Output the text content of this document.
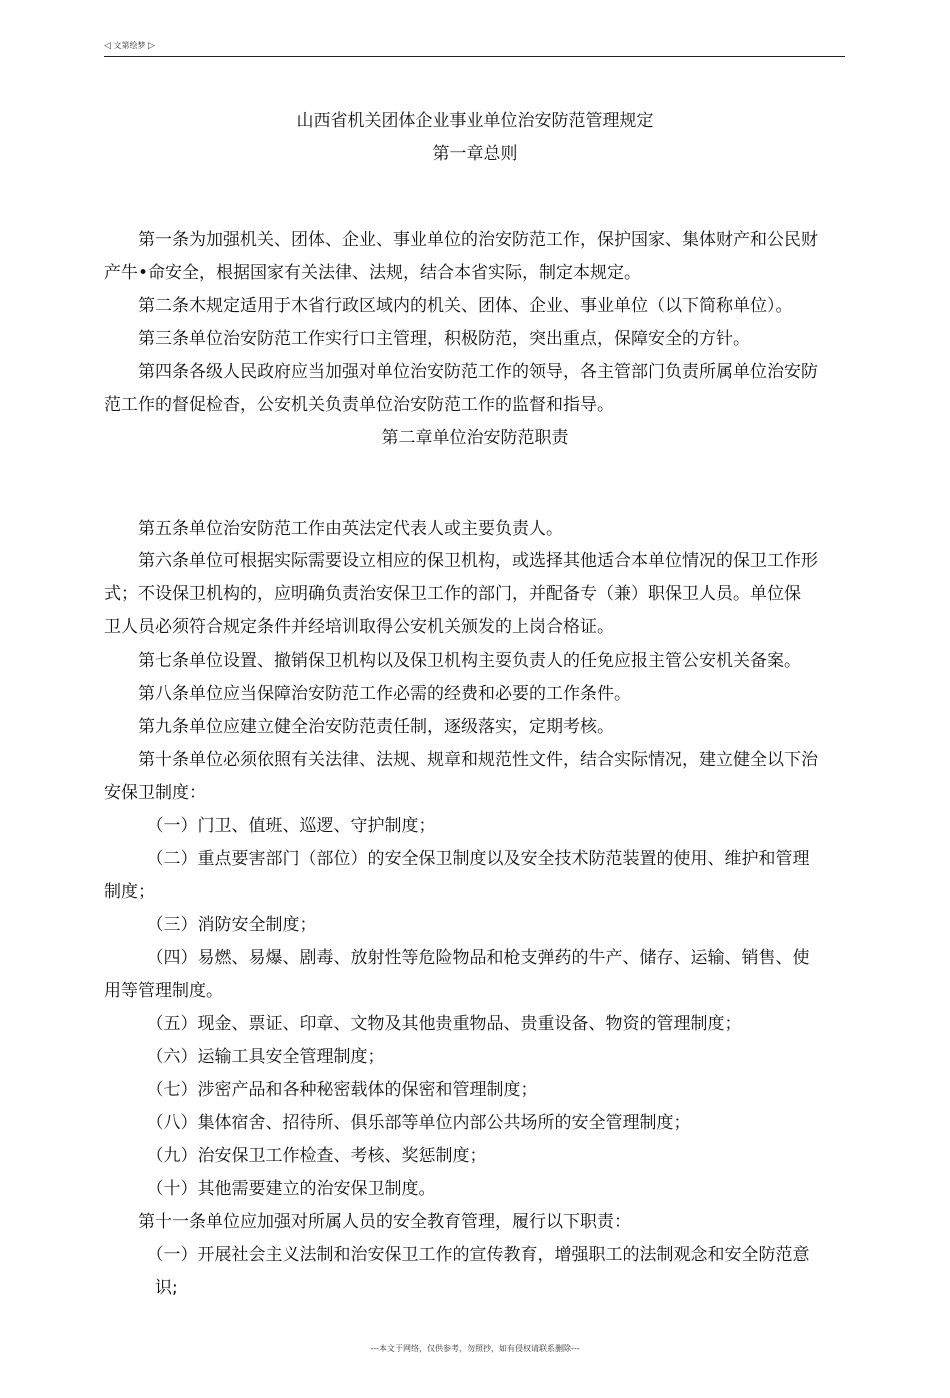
◁ 文第绘梦 ▷
山西省机关团体企业事业单位治安防范管理规定
第一章总则
　　第一条为加强机关、团体、企业、事业单位的治安防范工作，保护国家、集体财产和公民财
产牛•命安全，根据国家有关法律、法规，结合本省实际，制定本规定。
　　第二条木规定适用于木省行政区域内的机关、团体、企业、事业单位（以下简称单位）。
　　第三条单位治安防范工作实行口主管理，积极防范，突出重点，保障安全的方针。
　　第四条各级人民政府应当加强对单位治安防范工作的领导，各主管部门负责所属单位治安防
范工作的督促检杳，公安机关负责单位治安防范工作的监督和指导。
　　第五条单位治安防范工作由英法定代表人或主要负责人。
　　第六条单位可根据实际需要设立相应的保卫机构，或选择其他适合本单位情况的保卫工作形
式；不设保卫机构的，应明确负责治安保卫工作的部门，并配备专（兼）职保卫人员。单位保
卫人员必须符合规定条件并经培训取得公安机关颁发的上岗合格证。
　　第七条单位设置、撤销保卫机构以及保卫机构主耍负责人的任免应报主管公安机关备案。
　　第八条单位应当保障治安防范工作必需的经费和必要的工作条件。
　　第九条单位应建立健全治安防范责任制，逐级落实，定期考核。
　　第十条单位必须依照有关法律、法规、规章和规范性文件，结合实际情况，建立健全以下治
安保卫制度：
　　　（一）门卫、值班、巡逻、守护制度；
　　　（二）重点要害部门（部位）的安全保卫制度以及安全技术防范装置的使用、维护和管理
制度；
　　　（三）消防安全制度；
　　　（四）易燃、易爆、剧毒、放射性等危险物品和枪支弹药的牛产、储存、运输、销售、使
用等管理制度。
　　　（五）现金、票证、印章、文物及其他贵重物品、贵重设备、物资的管理制度；
　　　（六）运输工具安全管理制度；
　　　（七）涉密产品和各种秘密载体的保密和管理制度；
　　　（八）集体宿舍、招待所、俱乐部等单位内部公共场所的安全管理制度；
　　　（九）治安保卫工作检查、考核、奖惩制度；
　　　（十）其他需要建立的治安保卫制度。
　　第十一条单位应加强对所属人员的安全教育管理，履行以下职责：
　　　（一）开展社会主义法制和治安保卫工作的宣传教育，增强职工的法制观念和安全防范意
　　　识;
第二章单位治安防范职责
---本文于网络，仅供参考，勿照抄，如有侵权请联系删除---
